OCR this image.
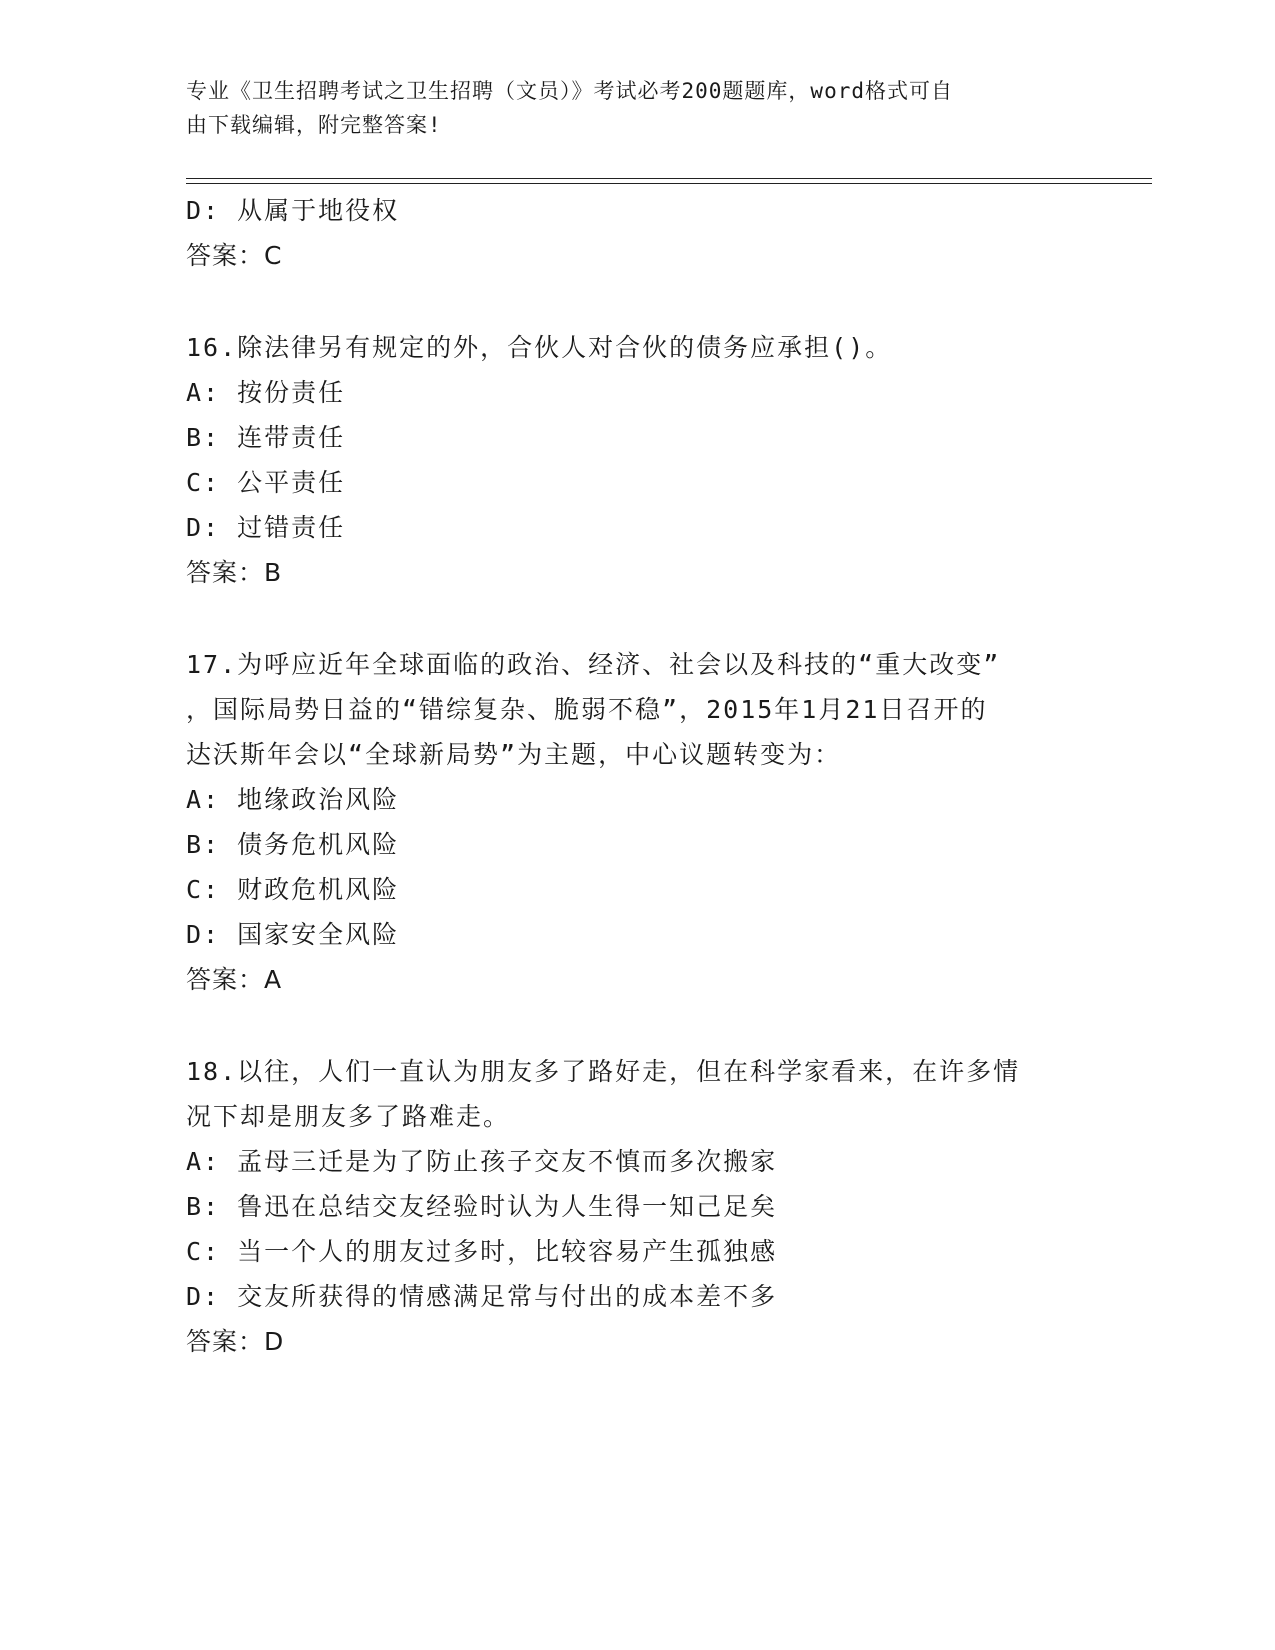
专业《卫生招聘考试之卫生招聘（文员）》考试必考200题题库，word格式可自
由下载编辑，附完整答案!
D: 从属于地役权
答案：C
16.除法律另有规定的外，合伙人对合伙的债务应承担()。
A: 按份责任
B: 连带责任
C: 公平责任
D: 过错责任
答案：B
17.为呼应近年全球面临的政治、经济、社会以及科技的“重大改变”
，国际局势日益的“错综复杂、脆弱不稳”，2015年1月21日召开的
达沃斯年会以“全球新局势”为主题，中心议题转变为：
A: 地缘政治风险
B: 债务危机风险
C: 财政危机风险
D: 国家安全风险
答案：A
18.以往，人们一直认为朋友多了路好走，但在科学家看来，在许多情
况下却是朋友多了路难走。
A: 孟母三迁是为了防止孩子交友不慎而多次搬家
B: 鲁迅在总结交友经验时认为人生得一知己足矣
C: 当一个人的朋友过多时，比较容易产生孤独感
D: 交友所获得的情感满足常与付出的成本差不多
答案：D
